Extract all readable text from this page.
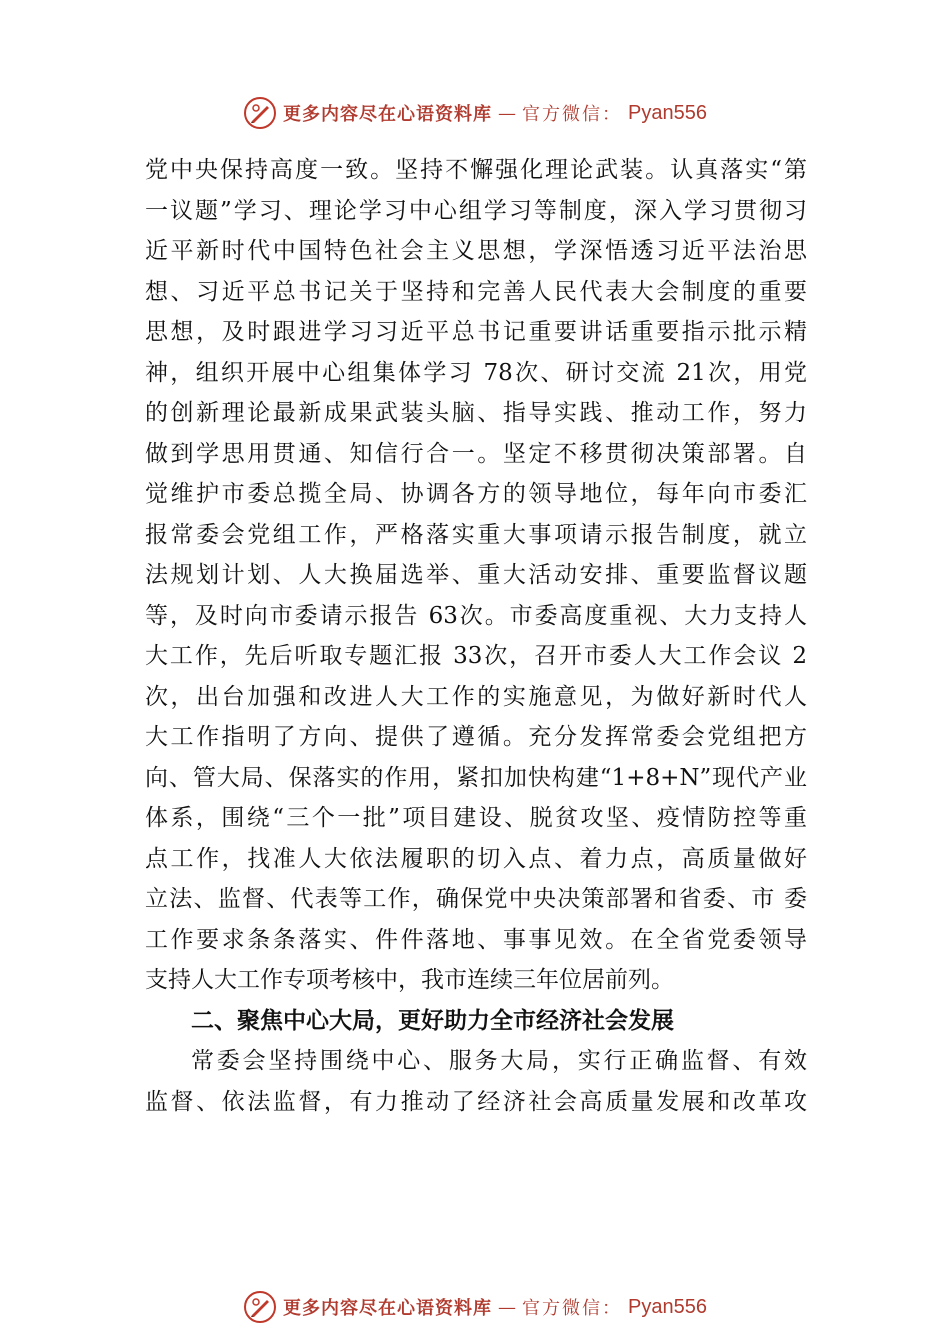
更多内容尽在心语资料库 — 官方微信： Pyan556
党中央保持高度一致。坚持不懈强化理论武装。认真落实“第
一议题”学习、理论学习中心组学习等制度，深入学习贯彻习
近平新时代中国特色社会主义思想，学深悟透习近平法治思
想、习近平总书记关于坚持和完善人民代表大会制度的重要
思想，及时跟进学习习近平总书记重要讲话重要指示批示精
神，组织开展中心组集体学习 78次、研讨交流 21次，用党
的创新理论最新成果武装头脑、指导实践、推动工作，努力
做到学思用贯通、知信行合一。坚定不移贯彻决策部署。自
觉维护市委总揽全局、协调各方的领导地位，每年向市委汇
报常委会党组工作，严格落实重大事项请示报告制度，就立
法规划计划、人大换届选举、重大活动安排、重要监督议题
等，及时向市委请示报告 63次。市委高度重视、大力支持人
大工作，先后听取专题汇报 33次，召开市委人大工作会议 2
次，出台加强和改进人大工作的实施意见，为做好新时代人
大工作指明了方向、提供了遵循。充分发挥常委会党组把方
向、管大局、保落实的作用，紧扣加快构建“1+8+N”现代产业
体系，围绕“三个一批”项目建设、脱贫攻坚、疫情防控等重
点工作，找准人大依法履职的切入点、着力点，高质量做好
立法、监督、代表等工作，确保党中央决策部署和省委、市 委
工作要求条条落实、件件落地、事事见效。在全省党委领导
支持人大工作专项考核中，我市连续三年位居前列。
二、聚焦中心大局，更好助力全市经济社会发展
常委会坚持围绕中心、服务大局，实行正确监督、有效
监督、依法监督，有力推动了经济社会高质量发展和改革攻
更多内容尽在心语资料库 — 官方微信： Pyan556
